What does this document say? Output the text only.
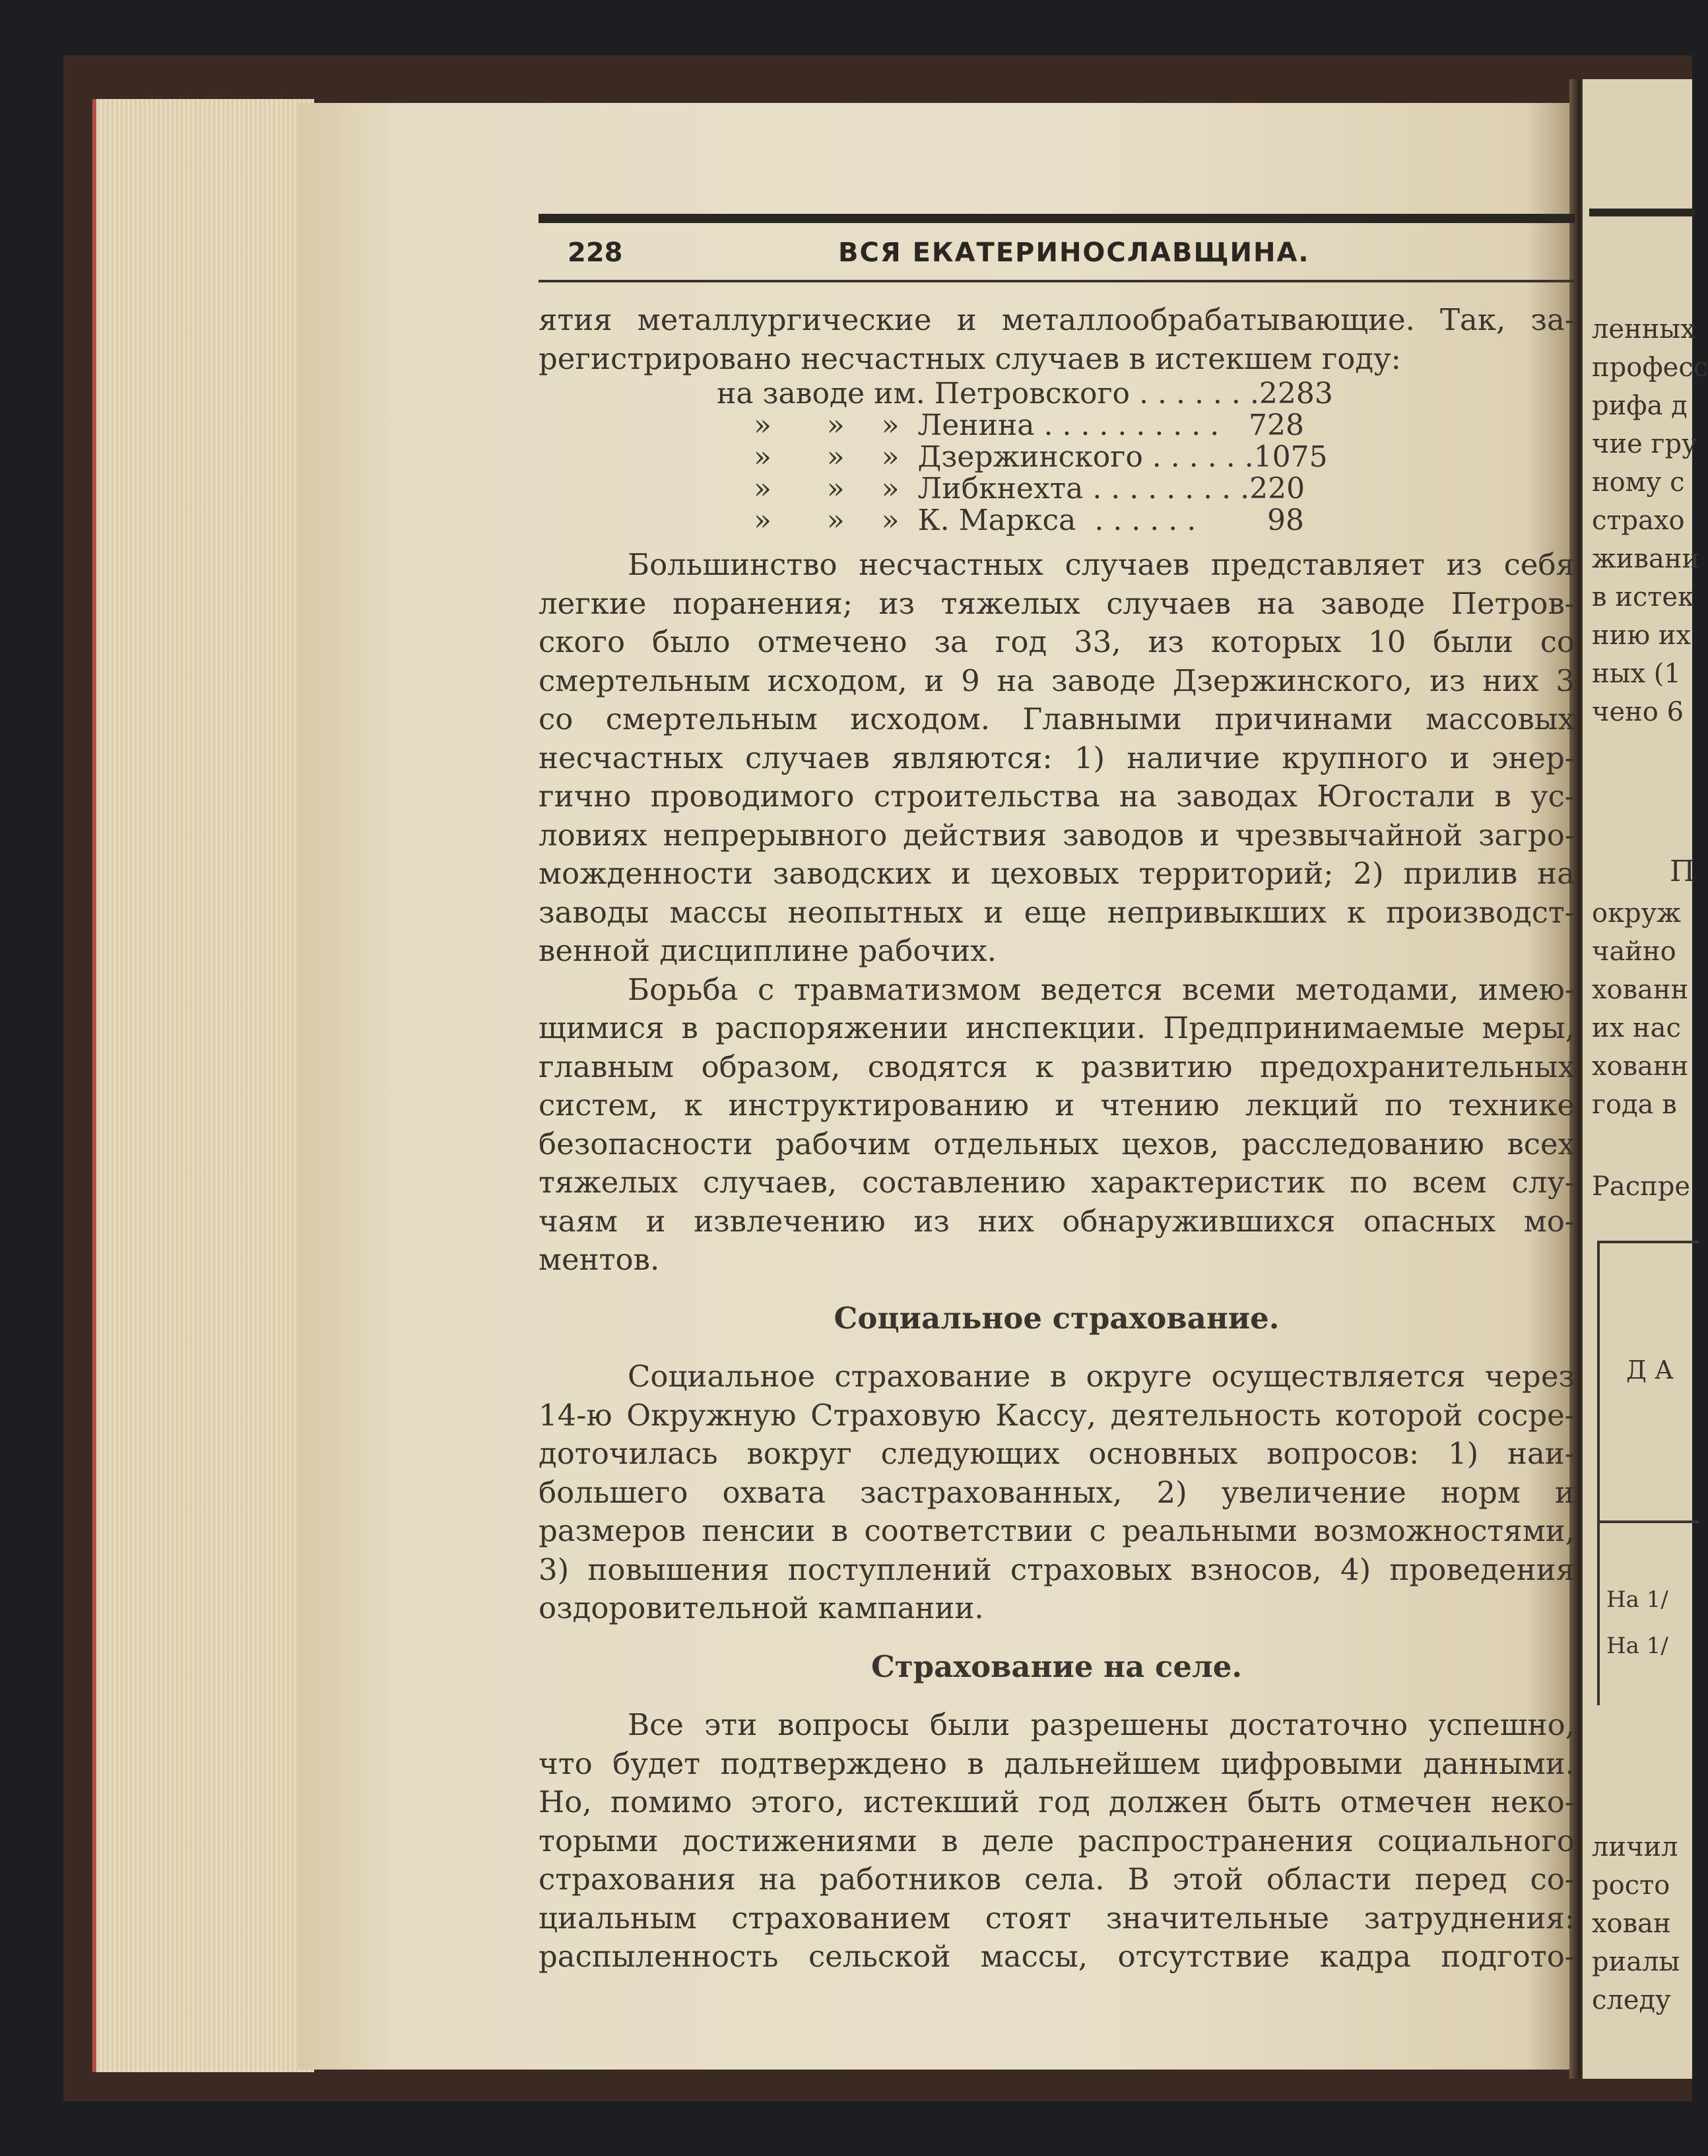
228	ВСЯ ЕКАТЕРИНОСЛАВЩИНА.
ятия металлургические и металлообрабатывающие. Так, за-
регистрировано несчастных случаев в истекшем году:
на заводе им. Петровского . . . . . . . 2283
»      »    »  Ленина . . . . . . . . . .	728
»      »    »  Дзержинского . . . . . . 1075
»      »    »  Либкнехта . . . . . . . . . 220
»      »    »  К. Маркса  . . . . . .	98
Большинство несчастных случаев представляет из себя
легкие поранения; из тяжелых случаев на заводе Петров-
ского было отмечено за год 33, из которых 10 были со
смертельным исходом, и 9 на заводе Дзержинского, из них 3
со смертельным исходом. Главными причинами массовых
несчастных случаев являются: 1) наличие крупного и энер-
гично проводимого строительства на заводах Югостали в ус-
ловиях непрерывного действия заводов и чрезвычайной загро-
можденности заводских и цеховых территорий; 2) прилив на
заводы массы неопытных и еще непривыкших к производст-
венной дисциплине рабочих.
Борьба с травматизмом ведется всеми методами, имею-
щимися в распоряжении инспекции. Предпринимаемые меры,
главным образом, сводятся к развитию предохранительных
систем, к инструктированию и чтению лекций по технике
безопасности рабочим отдельных цехов, расследованию всех
тяжелых случаев, составлению характеристик по всем слу-
чаям и извлечению из них обнаружившихся опасных мо-
ментов.
Социальное страхование.
Социальное страхование в округе осуществляется через
14-ю Окружную Страховую Кассу, деятельность которой сосре-
доточилась вокруг следующих основных вопросов: 1) наи-
большего охвата застрахованных, 2) увеличение норм и
размеров пенсии в соответствии с реальными возможностями,
3) повышения поступлений страховых взносов, 4) проведения
оздоровительной кампании.
Страхование на селе.
Все эти вопросы были разрешены достаточно успешно,
что будет подтверждено в дальнейшем цифровыми данными.
Но, помимо этого, истекший год должен быть отмечен неко-
торыми достижениями в деле распространения социального
страхования на работников села. В этой области перед со-
циальным страхованием стоят значительные затруднения:
распыленность сельской массы, отсутствие кадра подгото-
ленных
професс
рифа д
чие гру
ному с
страхо
живани
в истек
нию их
ных (1
чено 6
П
окруж
чайно
хованн
их нас
хованн
года в
Распре
Д А
На 1/
На 1/
личил
росто
хован
риалы
следу
